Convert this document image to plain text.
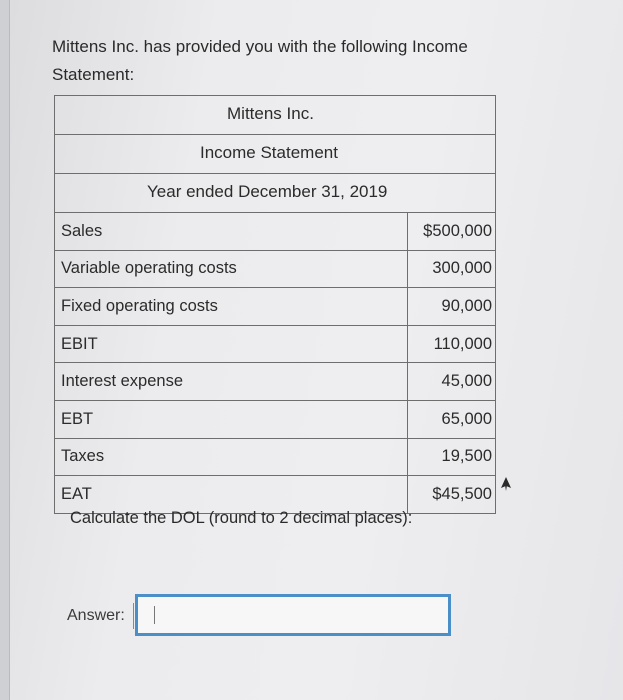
Mittens Inc. has provided you with the following Income Statement:
Mittens Inc.
Income Statement
Year ended December 31, 2019
Sales	$500,000
Variable operating costs	300,000
Fixed operating costs	90,000
EBIT	110,000
Interest expense	45,000
EBT	65,000
Taxes	19,500
EAT	$45,500
Calculate the DOL (round to 2 decimal places):
Answer:
